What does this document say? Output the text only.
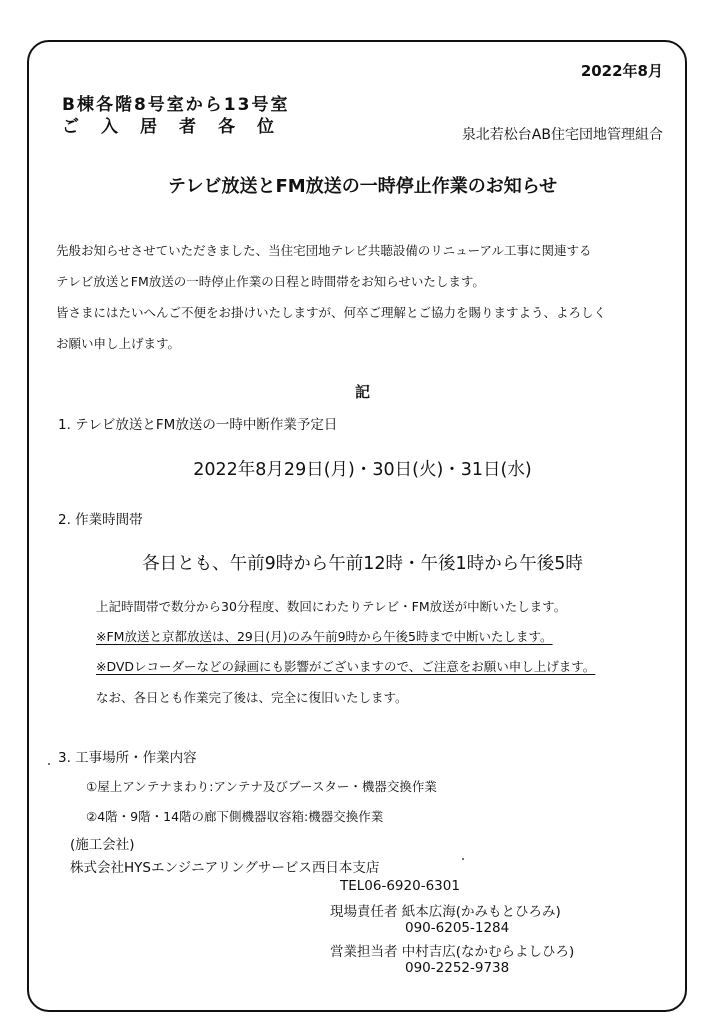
2022年8月
B棟各階8号室から13号室
ご入居者各位	泉北若松台AB住宅団地管理組合
テレビ放送とFM放送の一時停止作業のお知らせ
先般お知らせさせていただきました、当住宅団地テレビ共聴設備のリニューアル工事に関連する
テレビ放送とFM放送の一時停止作業の日程と時間帯をお知らせいたします。
皆さまにはたいへんご不便をお掛けいたしますが、何卒ご理解とご協力を賜りますよう、よろしく
お願い申し上げます。
記
1. テレビ放送とFM放送の一時中断作業予定日
2022年8月29日(月)・30日(火)・31日(水)
2. 作業時間帯
各日とも、午前9時から午前12時・午後1時から午後5時
上記時間帯で数分から30分程度、数回にわたりテレビ・FM放送が中断いたします。
※FM放送と京都放送は、29日(月)のみ午前9時から午後5時まで中断いたします。
※DVDレコーダーなどの録画にも影響がございますので、ご注意をお願い申し上げます。
なお、各日とも作業完了後は、完全に復旧いたします。
3. 工事場所・作業内容
①屋上アンテナまわり:アンテナ及びブースター・機器交換作業
②4階・9階・14階の廊下側機器収容箱:機器交換作業
(施工会社)
株式会社HYSエンジニアリングサービス西日本支店
TEL06-6920-6301
現場責任者 紙本広海(かみもとひろみ)
090-6205-1284
営業担当者 中村吉広(なかむらよしひろ)
090-2252-9738
